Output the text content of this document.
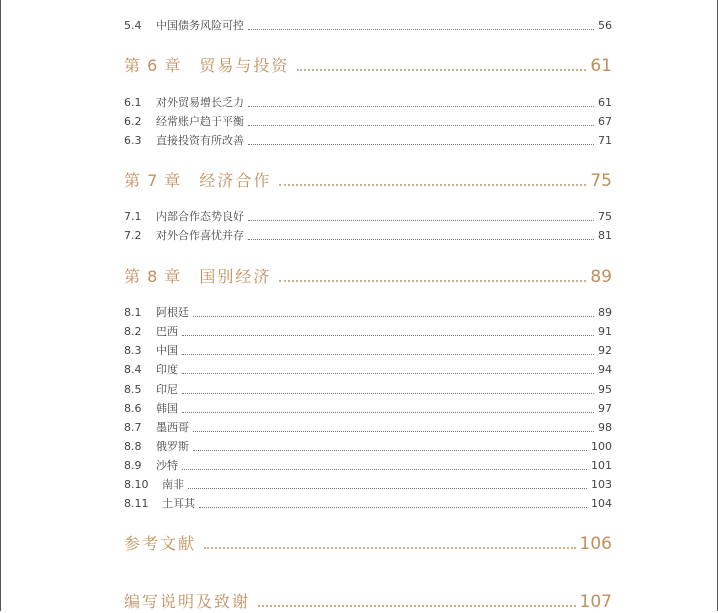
5.4	中国债务风险可控	56
第 6 章 贸易与投资	61
6.1	对外贸易增长乏力	61
6.2	经常账户趋于平衡	67
6.3	直接投资有所改善	71
第 7 章 经济合作	75
7.1	内部合作态势良好	75
7.2	对外合作喜忧并存	81
第 8 章 国别经济	89
8.1	阿根廷	89
8.2	巴西	91
8.3	中国	92
8.4	印度	94
8.5	印尼	95
8.6	韩国	97
8.7	墨西哥	98
8.8	俄罗斯	100
8.9	沙特	101
8.10	南非	103
8.11	土耳其	104
参考文献	106
编写说明及致谢	107
